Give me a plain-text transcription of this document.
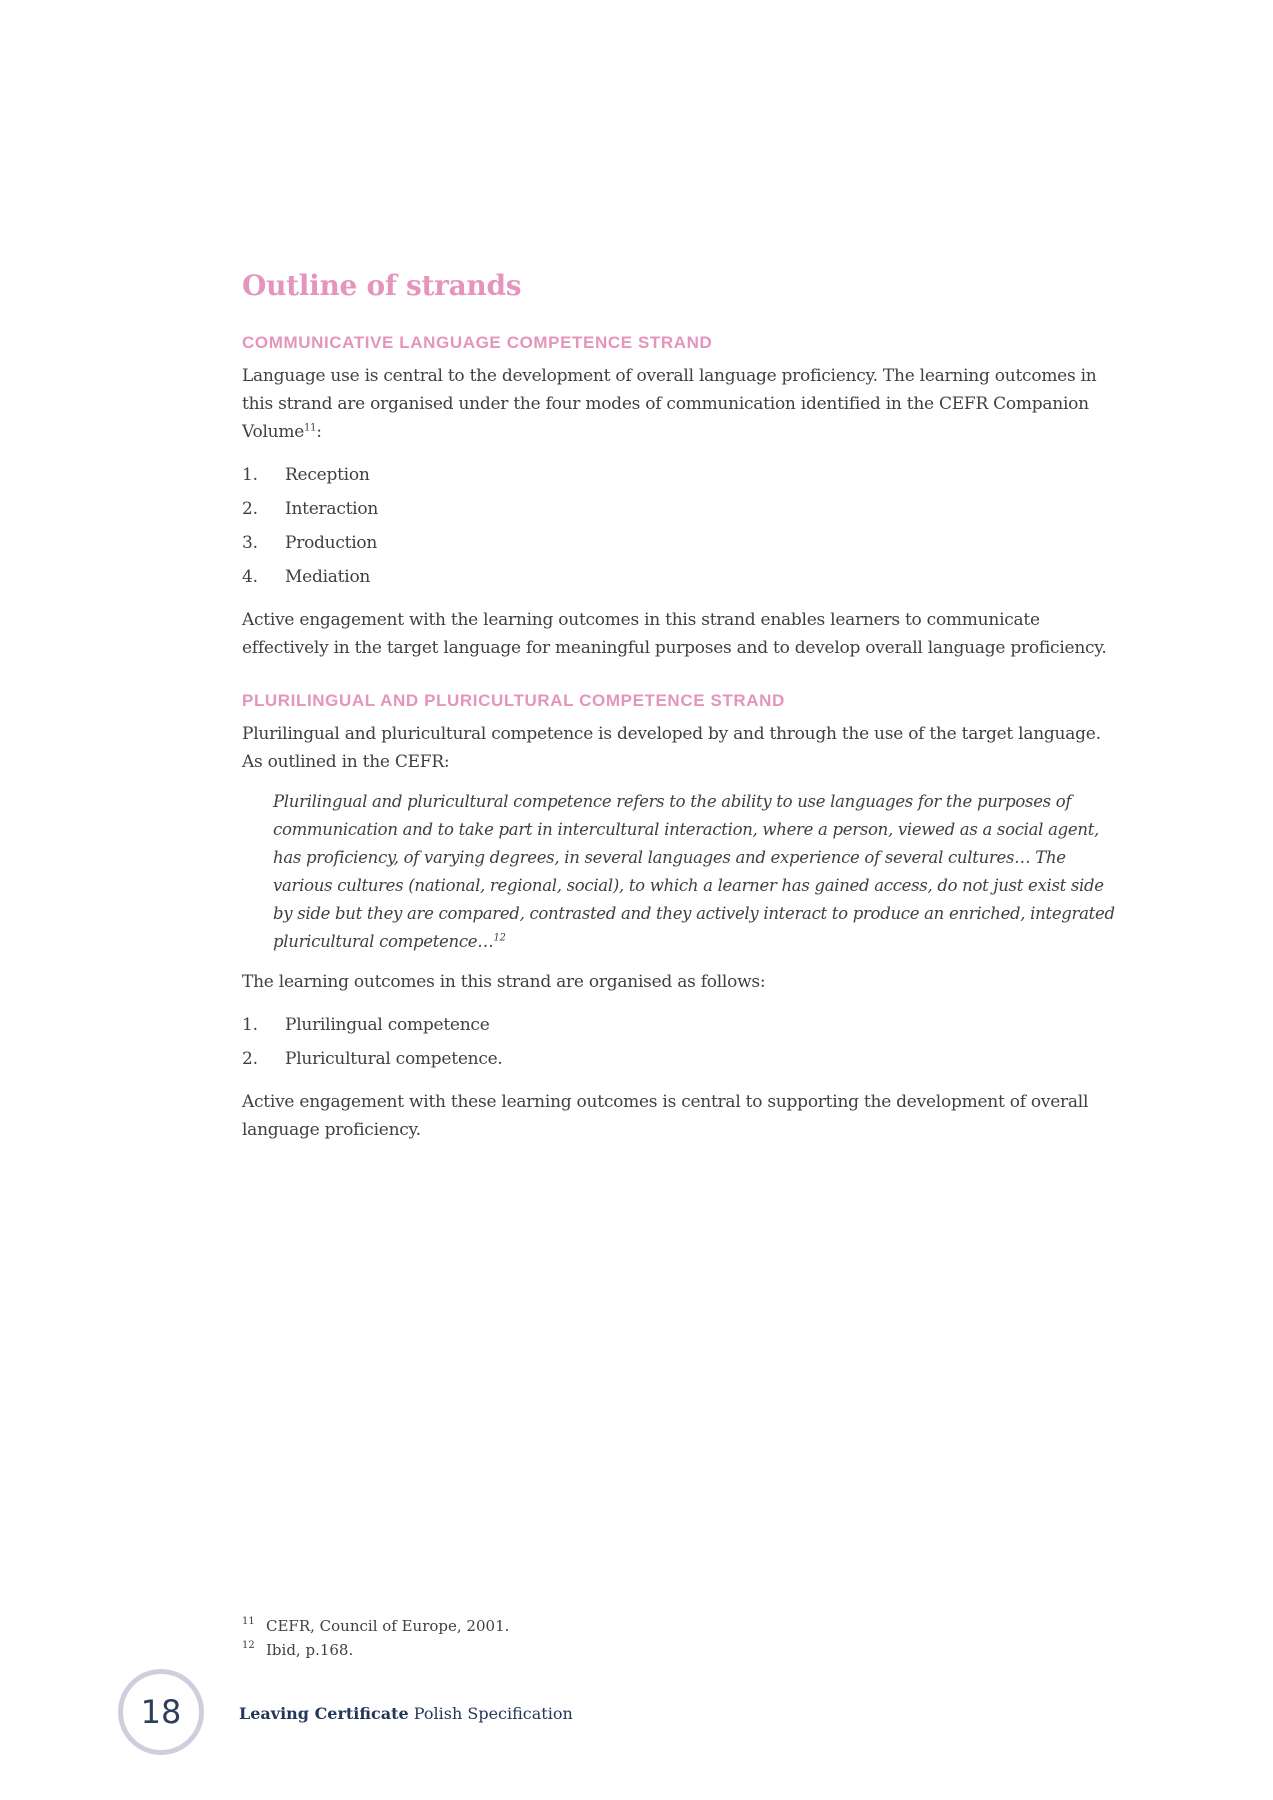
Outline of strands
COMMUNICATIVE LANGUAGE COMPETENCE STRAND

Language use is central to the development of overall language proficiency. The learning outcomes in this strand are organised under the four modes of communication identified in the CEFR Companion Volume$^{11}$:

1.	Reception
2.	Interaction
3.	Production
4.	Mediation

Active engagement with the learning outcomes in this strand enables learners to communicate effectively in the target language for meaningful purposes and to develop overall language proficiency.

PLURILINGUAL AND PLURICULTURAL COMPETENCE STRAND

Plurilingual and pluricultural competence is developed by and through the use of the target language. As outlined in the CEFR:

Plurilingual and pluricultural competence refers to the ability to use languages for the purposes of communication and to take part in intercultural interaction, where a person, viewed as a social agent, has proficiency, of varying degrees, in several languages and experience of several cultures… The various cultures (national, regional, social), to which a learner has gained access, do not just exist side by side but they are compared, contrasted and they actively interact to produce an enriched, integrated pluricultural competence…$^{12}$

The learning outcomes in this strand are organised as follows:

1.	Plurilingual competence
2.	Pluricultural competence.

Active engagement with these learning outcomes is central to supporting the development of overall language proficiency.

11 CEFR, Council of Europe, 2001.
12 Ibid, p.168.
18	Leaving Certificate Polish Specification
